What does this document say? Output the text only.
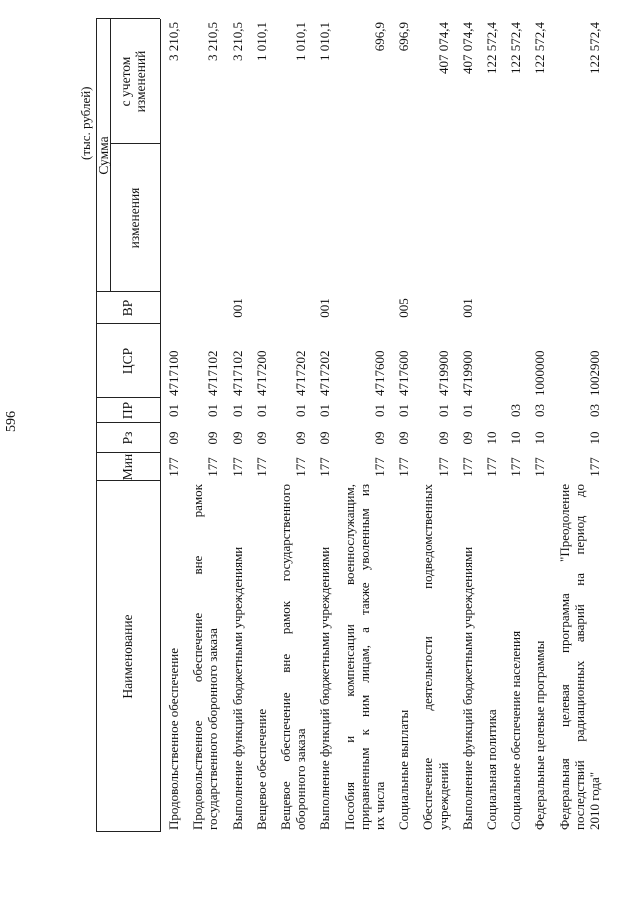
596
(тыс. рублей)
Наименование
Мин
Рз
ПР
ЦСР
ВР
Сумма
изменения
с учетом изменений
Продовольственное обеспечение
177
09
01
4717100
3 210,5
Продовольственное обеспечение вне рамок государственного оборонного заказа
177
09
01
4717102
3 210,5
Выполнение функций бюджетными учреждениями
177
09
01
4717102
001
3 210,5
Вещевое обеспечение
177
09
01
4717200
1 010,1
Вещевое обеспечение вне рамок государственного оборонного заказа
177
09
01
4717202
1 010,1
Выполнение функций бюджетными учреждениями
177
09
01
4717202
001
1 010,1
Пособия и компенсации военнослужащим, приравненным к ним лицам, а также уволенным из их числа
177
09
01
4717600
696,9
Социальные выплаты
177
09
01
4717600
005
696,9
Обеспечение деятельности подведомственных учреждений
177
09
01
4719900
407 074,4
Выполнение функций бюджетными учреждениями
177
09
01
4719900
001
407 074,4
Социальная политика
177
10
122 572,4
Социальное обеспечение населения
177
10
03
122 572,4
Федеральные целевые программы
177
10
03
1000000
122 572,4
Федеральная целевая программа "Преодоление последствий радиационных аварий на период до 2010 года"
177
10
03
1002900
122 572,4
